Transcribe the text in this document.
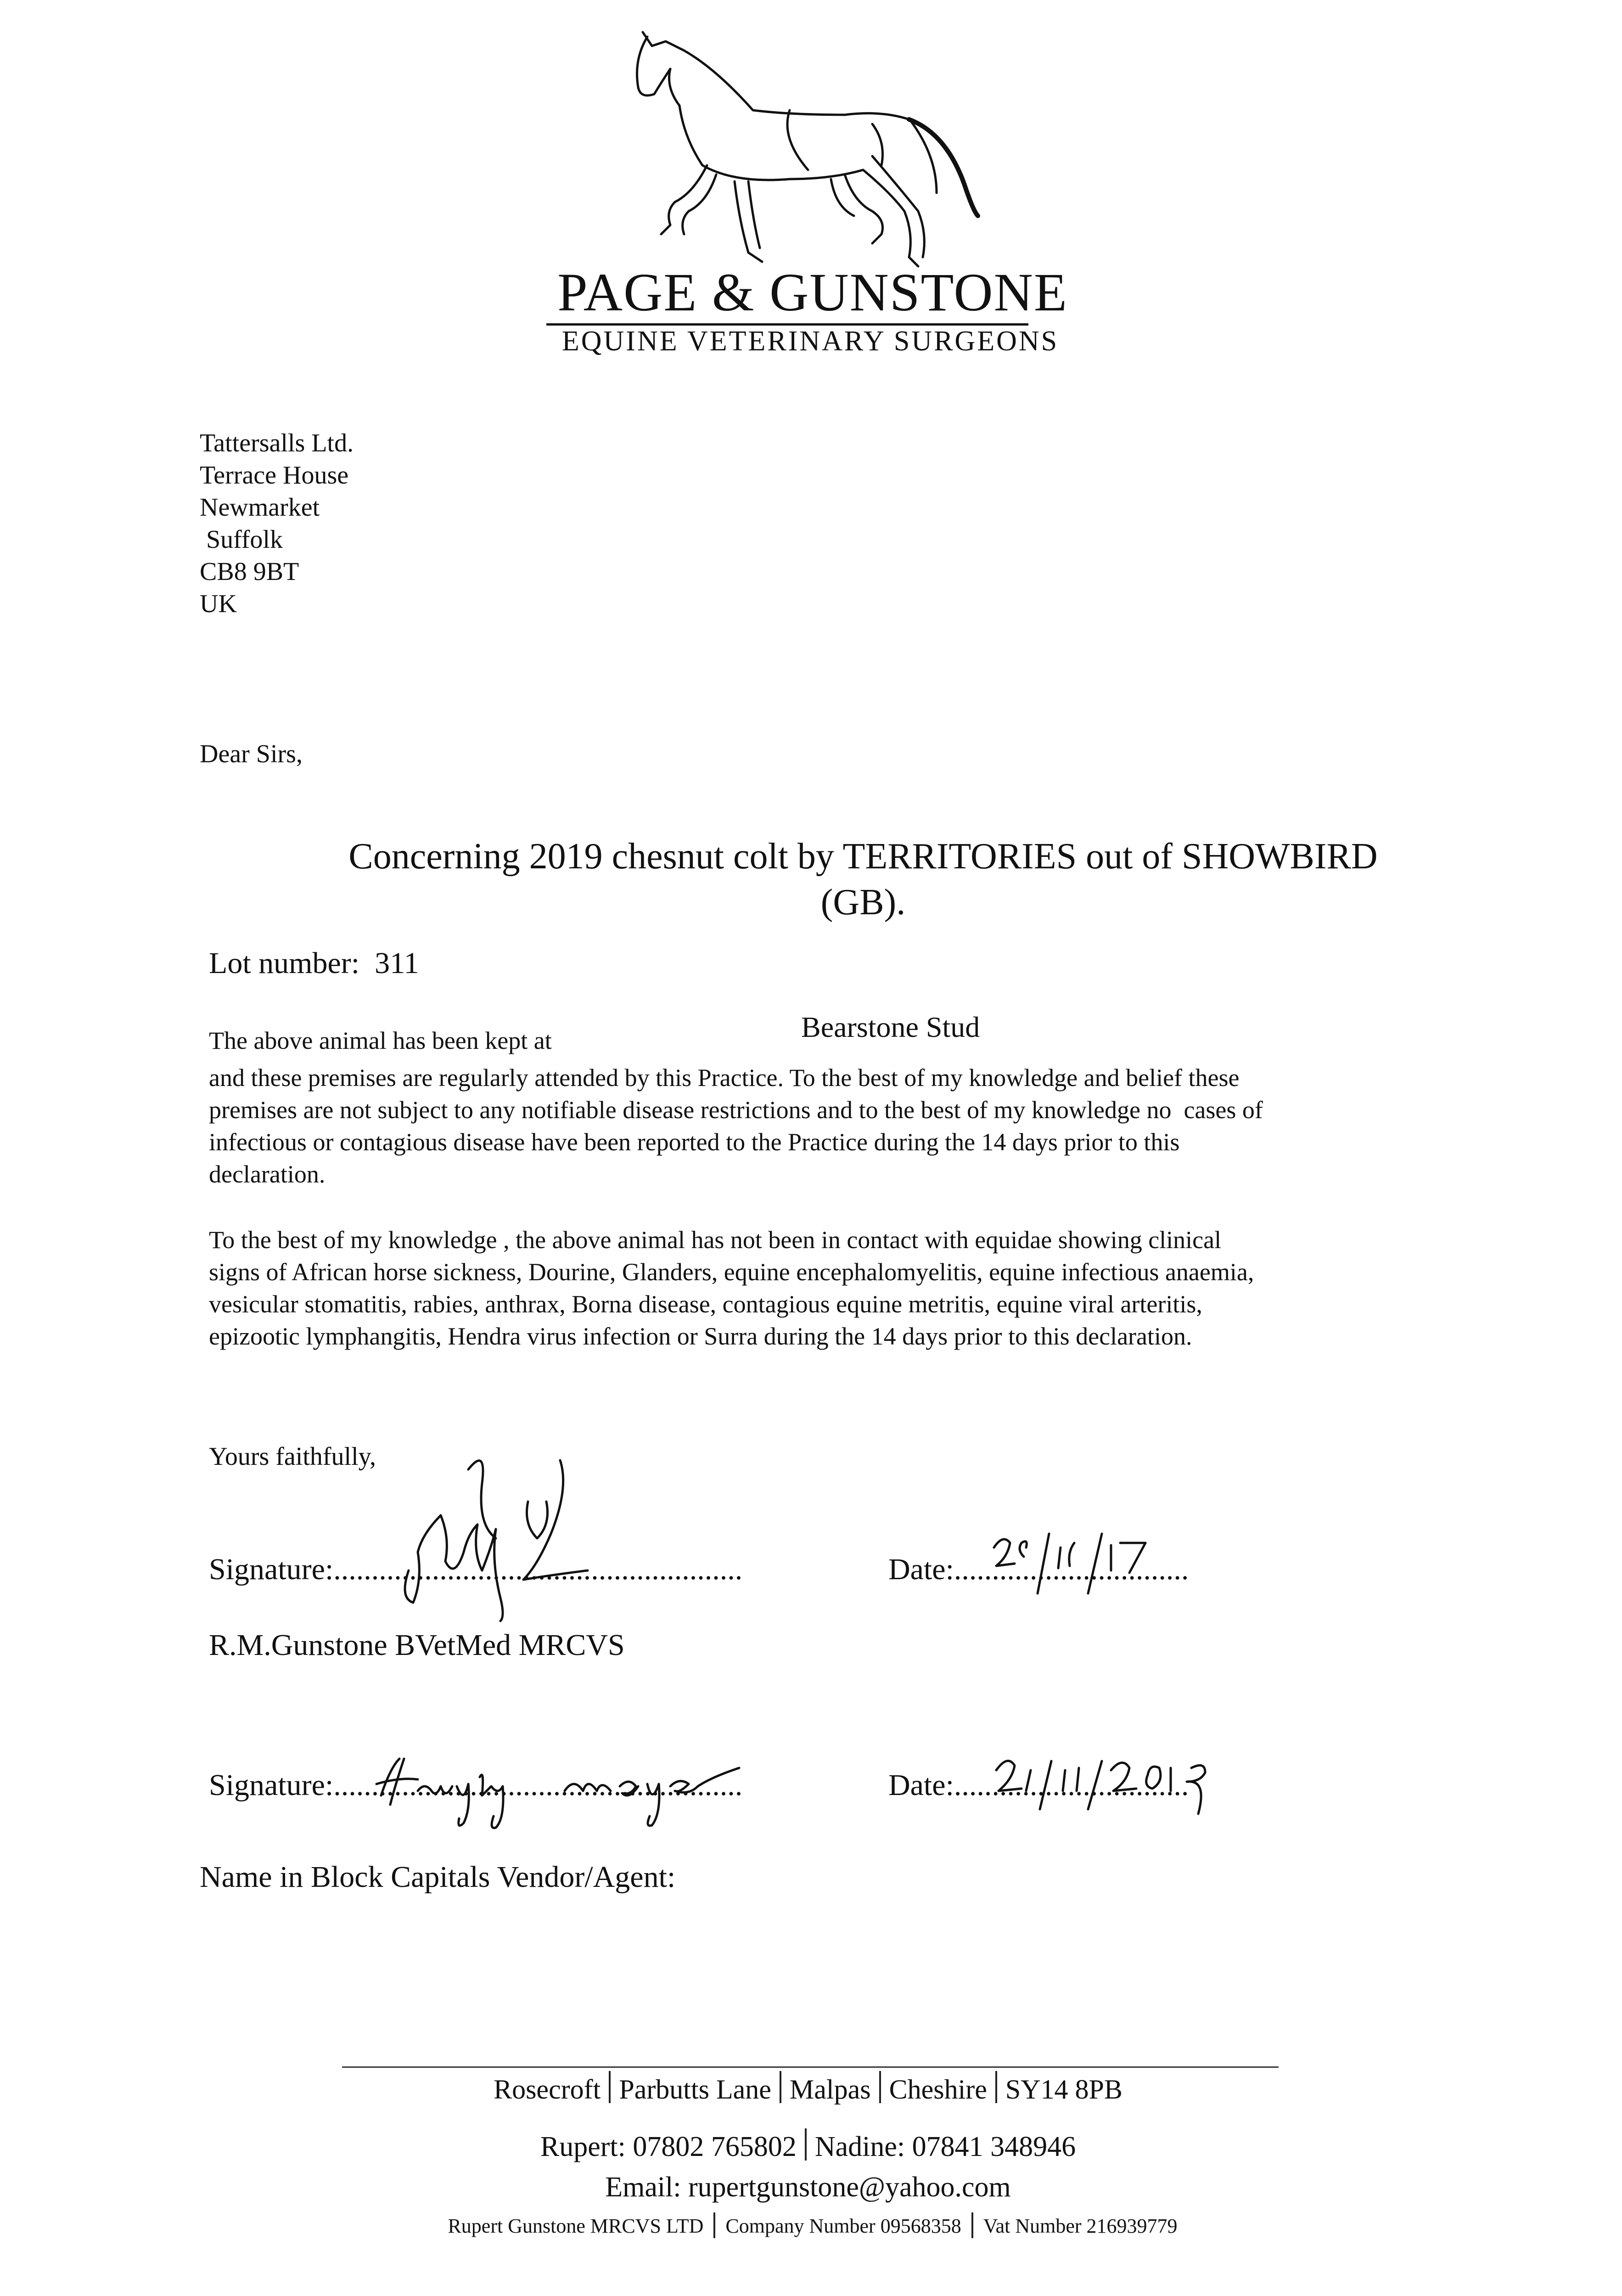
PAGE & GUNSTONE
EQUINE VETERINARY SURGEONS
Tattersalls Ltd.
Terrace House
Newmarket
Suffolk
CB8 9BT
UK
Dear Sirs,
Concerning 2019 chesnut colt by TERRITORIES out of SHOWBIRD
(GB).
Lot number:  311
The above animal has been kept at	Bearstone Stud
and these premises are regularly attended by this Practice. To the best of my knowledge and belief these
premises are not subject to any notifiable disease restrictions and to the best of my knowledge no  cases of
infectious or contagious disease have been reported to the Practice during the 14 days prior to this
declaration.
To the best of my knowledge , the above animal has not been in contact with equidae showing clinical
signs of African horse sickness, Dourine, Glanders, equine encephalomyelitis, equine infectious anaemia,
vesicular stomatitis, rabies, anthrax, Borna disease, contagious equine metritis, equine viral arteritis,
epizootic lymphangitis, Hendra virus infection or Surra during the 14 days prior to this declaration.
Yours faithfully,
Signature:......................................................	Date:...............................
R.M.Gunstone BVetMed MRCVS
Signature:......................................................	Date:...............................
Name in Block Capitals Vendor/Agent:
Rosecroft Parbutts Lane Malpas Cheshire SY14 8PB
Rupert: 07802 765802 Nadine: 07841 348946
Email: rupertgunstone@yahoo.com
Rupert Gunstone MRCVS LTD Company Number 09568358 Vat Number 216939779
